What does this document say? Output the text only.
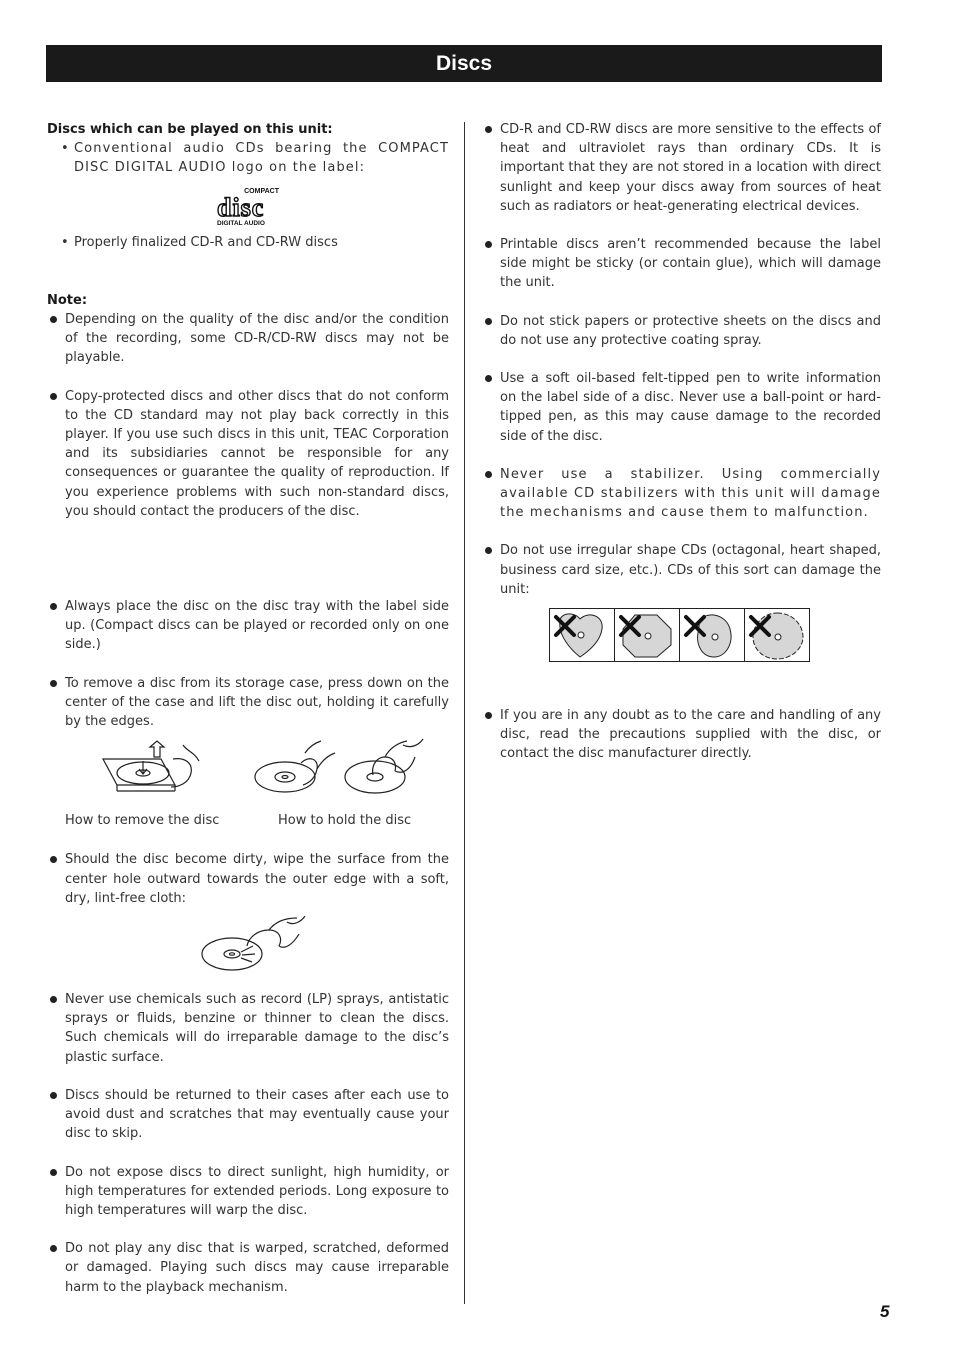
Discs

Discs which can be played on this unit:

• Conventional audio CDs bearing the COMPACT DISC DIGITAL AUDIO logo on the label:

COMPACT
disc
DIGITAL AUDIO

• Properly finalized CD-R and CD-RW discs

Note:

Depending on the quality of the disc and/or the condition of the recording, some CD-R/CD-RW discs may not be playable.

Copy-protected discs and other discs that do not conform to the CD standard may not play back correctly in this player. If you use such discs in this unit, TEAC Corporation and its subsidiaries cannot be responsible for any consequences or guarantee the quality of reproduction. If you experience problems with such non-standard discs, you should contact the producers of the disc.

Always place the disc on the disc tray with the label side up. (Compact discs can be played or recorded only on one side.)

To remove a disc from its storage case, press down on the center of the case and lift the disc out, holding it carefully by the edges.

How to remove the disc	How to hold the disc

Should the disc become dirty, wipe the surface from the center hole outward towards the outer edge with a soft, dry, lint-free cloth:

Never use chemicals such as record (LP) sprays, antistatic sprays or fluids, benzine or thinner to clean the discs. Such chemicals will do irreparable damage to the disc’s plastic surface.

Discs should be returned to their cases after each use to avoid dust and scratches that may eventually cause your disc to skip.

Do not expose discs to direct sunlight, high humidity, or high temperatures for extended periods. Long exposure to high temperatures will warp the disc.

Do not play any disc that is warped, scratched, deformed or damaged. Playing such discs may cause irreparable harm to the playback mechanism.

CD-R and CD-RW discs are more sensitive to the effects of heat and ultraviolet rays than ordinary CDs. It is important that they are not stored in a location with direct sunlight and keep your discs away from sources of heat such as radiators or heat-generating electrical devices.

Printable discs aren’t recommended because the label side might be sticky (or contain glue), which will damage the unit.

Do not stick papers or protective sheets on the discs and do not use any protective coating spray.

Use a soft oil-based felt-tipped pen to write information on the label side of a disc. Never use a ball-point or hard-tipped pen, as this may cause damage to the recorded side of the disc.

Never use a stabilizer. Using commercially available CD stabilizers with this unit will damage the mechanisms and cause them to malfunction.

Do not use irregular shape CDs (octagonal, heart shaped, business card size, etc.). CDs of this sort can damage the unit:

If you are in any doubt as to the care and handling of any disc, read the precautions supplied with the disc, or contact the disc manufacturer directly.

5
